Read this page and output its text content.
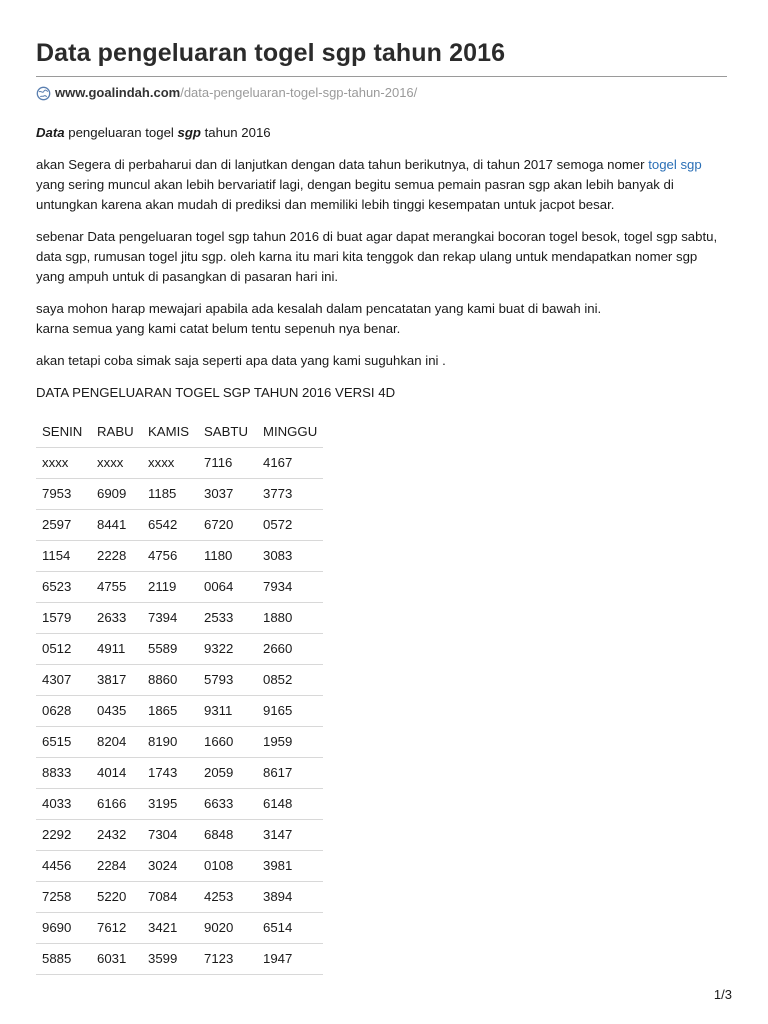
Data pengeluaran togel sgp tahun 2016
www.goalindah.com /data-pengeluaran-togel-sgp-tahun-2016/

Data pengeluaran togel sgp tahun 2016

akan Segera di perbaharui dan di lanjutkan dengan data tahun berikutnya, di tahun 2017 semoga nomer togel sgp yang sering muncul akan lebih bervariatif lagi, dengan begitu semua pemain pasran sgp akan lebih banyak di untungkan karena akan mudah di prediksi dan memiliki lebih tinggi kesempatan untuk jacpot besar.

sebenar Data pengeluaran togel sgp tahun 2016 di buat agar dapat merangkai bocoran togel besok, togel sgp sabtu, data sgp, rumusan togel jitu sgp. oleh karna itu mari kita tenggok dan rekap ulang untuk mendapatkan nomer sgp yang ampuh untuk di pasangkan di pasaran hari ini.

saya mohon harap mewajari apabila ada kesalah dalam pencatatan yang kami buat di bawah ini.
karna semua yang kami catat belum tentu sepenuh nya benar.

akan tetapi coba simak saja seperti apa data yang kami suguhkan ini .

DATA PENGELUARAN TOGEL SGP TAHUN 2016 VERSI 4D
SENIN	RABU	KAMIS	SABTU	MINGGU
xxxx	xxxx	xxxx	7116	4167
7953	6909	1185	3037	3773
2597	8441	6542	6720	0572
1154	2228	4756	1180	3083
6523	4755	2119	0064	7934
1579	2633	7394	2533	1880
0512	4911	5589	9322	2660
4307	3817	8860	5793	0852
0628	0435	1865	9311	9165
6515	8204	8190	1660	1959
8833	4014	1743	2059	8617
4033	6166	3195	6633	6148
2292	2432	7304	6848	3147
4456	2284	3024	0108	3981
7258	5220	7084	4253	3894
9690	7612	3421	9020	6514
5885	6031	3599	7123	1947
1/3
